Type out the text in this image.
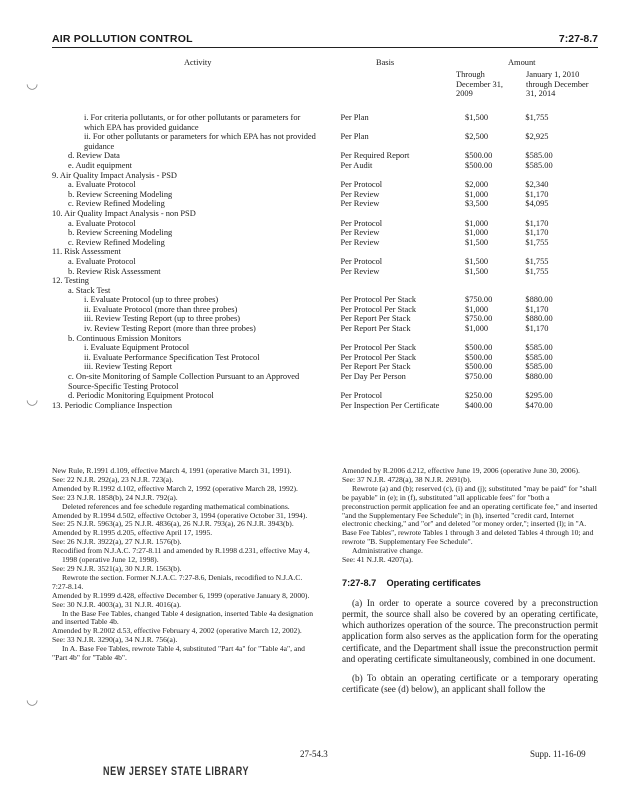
◡
◡
◡
AIR POLLUTION CONTROL	7:27-8.7
Activity	Basis	Amount
Through December 31, 2009
January 1, 2010 through December 31, 2014
i. For criteria pollutants, or for other pollutants or parameters for which EPA has provided guidance	Per Plan	$1,500	$1,755
ii. For other pollutants or parameters for which EPA has not provided guidance	Per Plan	$2,500	$2,925
d. Review Data	Per Required Report	$500.00	$585.00
e. Audit equipment	Per Audit	$500.00	$585.00
9. Air Quality Impact Analysis - PSD			
a. Evaluate Protocol	Per Protocol	$2,000	$2,340
b. Review Screening Modeling	Per Review	$1,000	$1,170
c. Review Refined Modeling	Per Review	$3,500	$4,095
10. Air Quality Impact Analysis - non PSD			
a. Evaluate Protocol	Per Protocol	$1,000	$1,170
b. Review Screening Modeling	Per Review	$1,000	$1,170
c. Review Refined Modeling	Per Review	$1,500	$1,755
11. Risk Assessment			
a. Evaluate Protocol	Per Protocol	$1,500	$1,755
b. Review Risk Assessment	Per Review	$1,500	$1,755
12. Testing			
a. Stack Test			
i. Evaluate Protocol (up to three probes)	Per Protocol Per Stack	$750.00	$880.00
ii. Evaluate Protocol (more than three probes)	Per Protocol Per Stack	$1,000	$1,170
iii. Review Testing Report (up to three probes)	Per Report Per Stack	$750.00	$880.00
iv. Review Testing Report (more than three probes)	Per Report Per Stack	$1,000	$1,170
b. Continuous Emission Monitors			
i. Evaluate Equipment Protocol	Per Protocol Per Stack	$500.00	$585.00
ii. Evaluate Performance Specification Test Protocol	Per Protocol Per Stack	$500.00	$585.00
iii. Review Testing Report	Per Report Per Stack	$500.00	$585.00
c. On-site Monitoring of Sample Collection Pursuant to an Approved Source-Specific Testing Protocol	Per Day Per Person	$750.00	$880.00
d. Periodic Monitoring Equipment Protocol	Per Protocol	$250.00	$295.00
13. Periodic Compliance Inspection	Per Inspection Per Certificate	$400.00	$470.00

New Rule, R.1991 d.109, effective March 4, 1991 (operative March 31, 1991).

See: 22 N.J.R. 292(a), 23 N.J.R. 723(a).

Amended by R.1992 d.102, effective March 2, 1992 (operative March 28, 1992).

See: 23 N.J.R. 1858(b), 24 N.J.R. 792(a).

Deleted references and fee schedule regarding mathematical combinations.

Amended by R.1994 d.502, effective October 3, 1994 (operative October 31, 1994).

See: 25 N.J.R. 5963(a), 25 N.J.R. 4836(a), 26 N.J.R. 793(a), 26 N.J.R. 3943(b).

Amended by R.1995 d.205, effective April 17, 1995.

See: 26 N.J.R. 3922(a), 27 N.J.R. 1576(b).

Recodified from N.J.A.C. 7:27-8.11 and amended by R.1998 d.231, effective May 4, 1998 (operative June 12, 1998).

See: 29 N.J.R. 3521(a), 30 N.J.R. 1563(b).

Rewrote the section. Former N.J.A.C. 7:27-8.6, Denials, recodified to N.J.A.C. 7:27-8.14.

Amended by R.1999 d.428, effective December 6, 1999 (operative January 8, 2000).

See: 30 N.J.R. 4003(a), 31 N.J.R. 4016(a).

In the Base Fee Tables, changed Table 4 designation, inserted Table 4a designation and inserted Table 4b.

Amended by R.2002 d.53, effective February 4, 2002 (operative March 12, 2002).

See: 33 N.J.R. 3290(a), 34 N.J.R. 756(a).

In A. Base Fee Tables, rewrote Table 4, substituted "Part 4a" for "Table 4a", and "Part 4b" for "Table 4b".

Amended by R.2006 d.212, effective June 19, 2006 (operative June 30, 2006).

See: 37 N.J.R. 4728(a), 38 N.J.R. 2691(b).

Rewrote (a) and (b); reserved (c), (i) and (j); substituted "may be paid" for "shall be payable" in (e); in (f), substituted "all applicable fees" for "both a preconstruction permit application fee and an operating certificate fee," and inserted "and the Supplementary Fee Schedule"; in (h), inserted "credit card, Internet electronic checking," and "or" and deleted "or money order,"; inserted (l); in "A. Base Fee Tables", rewrote Tables 1 through 3 and deleted Tables 4 through 10; and rewrote "B. Supplementary Fee Schedule".

Administrative change.

See: 41 N.J.R. 4207(a).

7:27-8.7 Operating certificates

(a) In order to operate a source covered by a preconstruction permit, the source shall also be covered by an operating certificate, which authorizes operation of the source. The preconstruction permit application form also serves as the application form for the operating certificate, and the Department shall issue the preconstruction permit and operating certificate simultaneously, combined in one document.

(b) To obtain an operating certificate or a temporary operating certificate (see (d) below), an applicant shall follow the

27-54.3	Supp. 11-16-09
NEW JERSEY STATE LIBRARY
